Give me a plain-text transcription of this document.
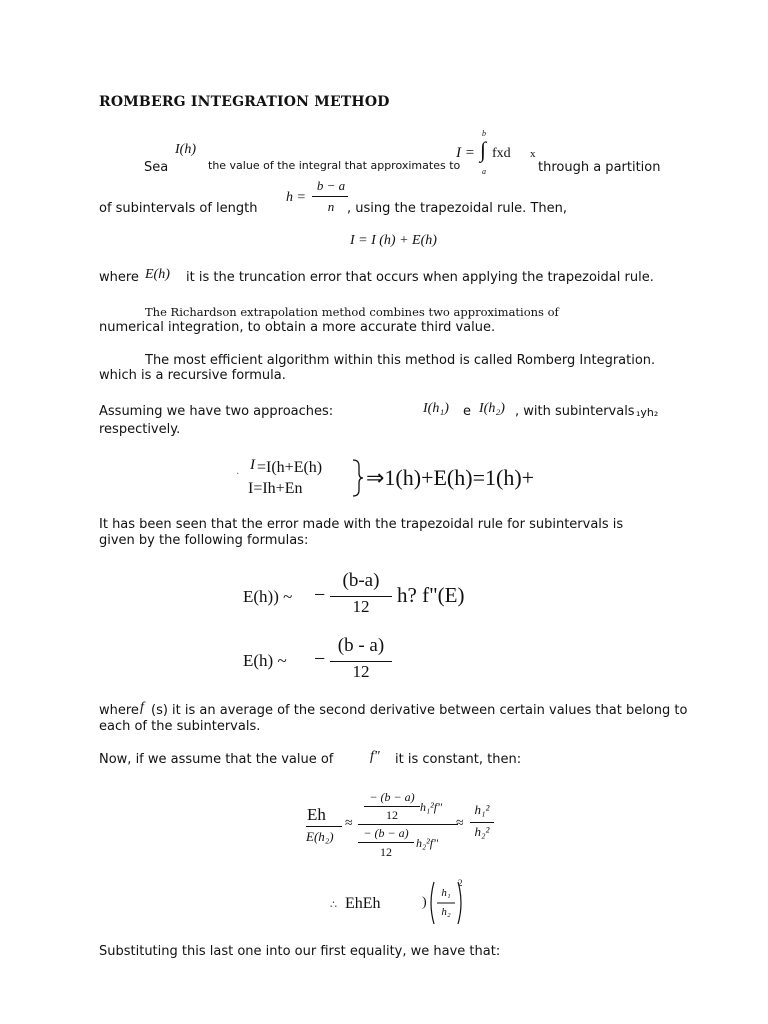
ROMBERG INTEGRATION METHOD
Sea
I(h)
the value of the integral that approximates to
I = ∫
b
a
fxd x
through a partition
of subintervals of length
h =
b − a
n , using the trapezoidal rule. Then,
I = I (h) + E(h)
where E(h) it is the truncation error that occurs when applying the trapezoidal rule.
The Richardson extrapolation method combines two approximations of
numerical integration, to obtain a more accurate third value.
The most efficient algorithm within this method is called Romberg Integration.
which is a recursive formula.
Assuming we have two approaches:	I(h₁) e I(h₂) , with subintervals ₁yh₂
respectively.
·
I =I(h+E(h)
I=Ih+En	⇒1(h)+E(h)=1(h)+
It has been seen that the error made with the trapezoidal rule for subintervals is
given by the following formulas:
E(h)) ~ −
(b-a)
12	h? f"(E)
E(h) ~ −
(b - a)
12
where f (s) it is an average of the second derivative between certain values that belong to
each of the subintervals.
Now, if we assume that the value of	f" it is constant, then:
Eh
E(h₂)
≈
− (b − a)
12
h₁²f"
− (b − a)
12
h₂²f"
≈
h₁²
h₂²
∴ EhEh	)
h₁
h₂
2
Substituting this last one into our first equality, we have that:
